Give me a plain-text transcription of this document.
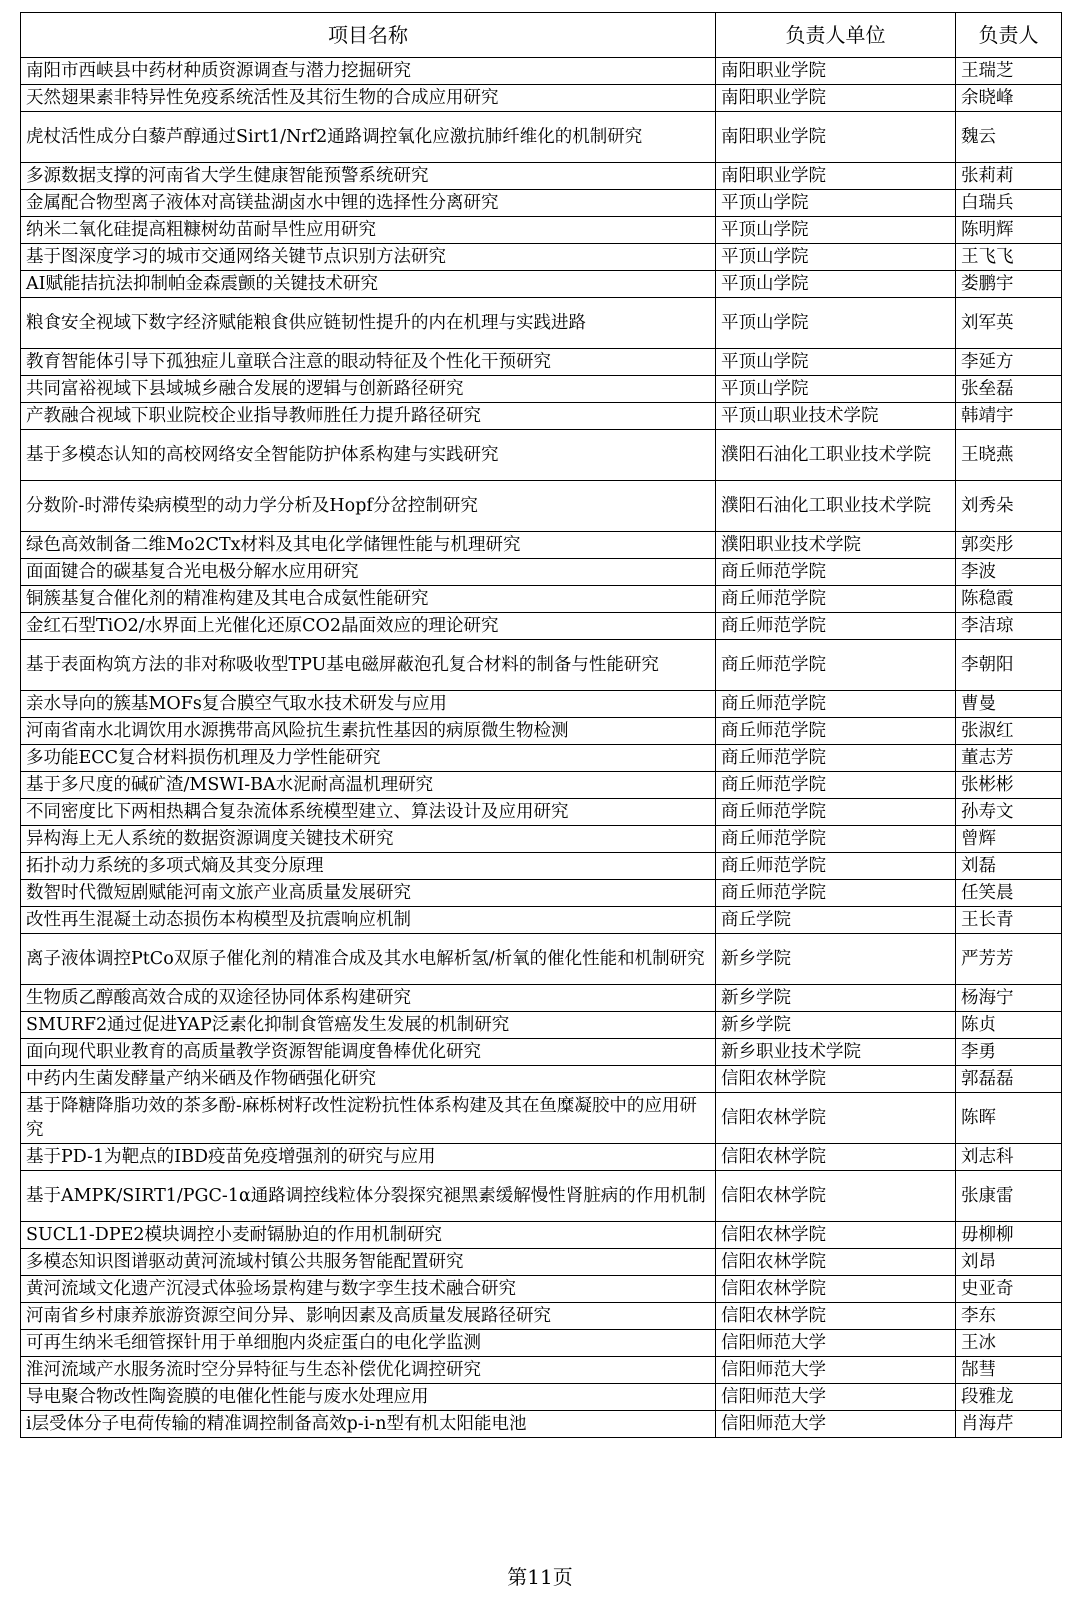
项目名称	负责人单位	负责人
南阳市西峡县中药材种质资源调查与潜力挖掘研究	南阳职业学院	王瑞芝
天然翅果素非特异性免疫系统活性及其衍生物的合成应用研究	南阳职业学院	余晓峰
虎杖活性成分白藜芦醇通过Sirt1/Nrf2通路调控氧化应激抗肺纤维化的机制研究	南阳职业学院	魏云
多源数据支撑的河南省大学生健康智能预警系统研究	南阳职业学院	张莉莉
金属配合物型离子液体对高镁盐湖卤水中锂的选择性分离研究	平顶山学院	白瑞兵
纳米二氧化硅提高粗糠树幼苗耐旱性应用研究	平顶山学院	陈明辉
基于图深度学习的城市交通网络关键节点识别方法研究	平顶山学院	王飞飞
AI赋能拮抗法抑制帕金森震颤的关键技术研究	平顶山学院	娄鹏宇
粮食安全视域下数字经济赋能粮食供应链韧性提升的内在机理与实践进路	平顶山学院	刘军英
教育智能体引导下孤独症儿童联合注意的眼动特征及个性化干预研究	平顶山学院	李延方
共同富裕视域下县域城乡融合发展的逻辑与创新路径研究	平顶山学院	张垒磊
产教融合视域下职业院校企业指导教师胜任力提升路径研究	平顶山职业技术学院	韩靖宇
基于多模态认知的高校网络安全智能防护体系构建与实践研究	濮阳石油化工职业技术学院	王晓燕
分数阶-时滞传染病模型的动力学分析及Hopf分岔控制研究	濮阳石油化工职业技术学院	刘秀朵
绿色高效制备二维Mo2CTx材料及其电化学储锂性能与机理研究	濮阳职业技术学院	郭奕彤
面面键合的碳基复合光电极分解水应用研究	商丘师范学院	李波
铜簇基复合催化剂的精准构建及其电合成氨性能研究	商丘师范学院	陈稳霞
金红石型TiO2/水界面上光催化还原CO2晶面效应的理论研究	商丘师范学院	李洁琼
基于表面构筑方法的非对称吸收型TPU基电磁屏蔽泡孔复合材料的制备与性能研究	商丘师范学院	李朝阳
亲水导向的簇基MOFs复合膜空气取水技术研发与应用	商丘师范学院	曹曼
河南省南水北调饮用水源携带高风险抗生素抗性基因的病原微生物检测	商丘师范学院	张淑红
多功能ECC复合材料损伤机理及力学性能研究	商丘师范学院	董志芳
基于多尺度的碱矿渣/MSWI-BA水泥耐高温机理研究	商丘师范学院	张彬彬
不同密度比下两相热耦合复杂流体系统模型建立、算法设计及应用研究	商丘师范学院	孙寿文
异构海上无人系统的数据资源调度关键技术研究	商丘师范学院	曾辉
拓扑动力系统的多项式熵及其变分原理	商丘师范学院	刘磊
数智时代微短剧赋能河南文旅产业高质量发展研究	商丘师范学院	任笑晨
改性再生混凝土动态损伤本构模型及抗震响应机制	商丘学院	王长青
离子液体调控PtCo双原子催化剂的精准合成及其水电解析氢/析氧的催化性能和机制研究	新乡学院	严芳芳
生物质乙醇酸高效合成的双途径协同体系构建研究	新乡学院	杨海宁
SMURF2通过促进YAP泛素化抑制食管癌发生发展的机制研究	新乡学院	陈贞
面向现代职业教育的高质量教学资源智能调度鲁棒优化研究	新乡职业技术学院	李勇
中药内生菌发酵量产纳米硒及作物硒强化研究	信阳农林学院	郭磊磊
基于降糖降脂功效的茶多酚-麻栎树籽改性淀粉抗性体系构建及其在鱼糜凝胶中的应用研究	信阳农林学院	陈晖
基于PD-1为靶点的IBD疫苗免疫增强剂的研究与应用	信阳农林学院	刘志科
基于AMPK/SIRT1/PGC-1α通路调控线粒体分裂探究褪黑素缓解慢性肾脏病的作用机制	信阳农林学院	张康雷
SUCL1-DPE2模块调控小麦耐镉胁迫的作用机制研究	信阳农林学院	毋柳柳
多模态知识图谱驱动黄河流域村镇公共服务智能配置研究	信阳农林学院	刘昂
黄河流域文化遗产沉浸式体验场景构建与数字孪生技术融合研究	信阳农林学院	史亚奇
河南省乡村康养旅游资源空间分异、影响因素及高质量发展路径研究	信阳农林学院	李东
可再生纳米毛细管探针用于单细胞内炎症蛋白的电化学监测	信阳师范大学	王冰
淮河流域产水服务流时空分异特征与生态补偿优化调控研究	信阳师范大学	郜彗
导电聚合物改性陶瓷膜的电催化性能与废水处理应用	信阳师范大学	段雅龙
i层受体分子电荷传输的精准调控制备高效p-i-n型有机太阳能电池	信阳师范大学	肖海芹
第11页
